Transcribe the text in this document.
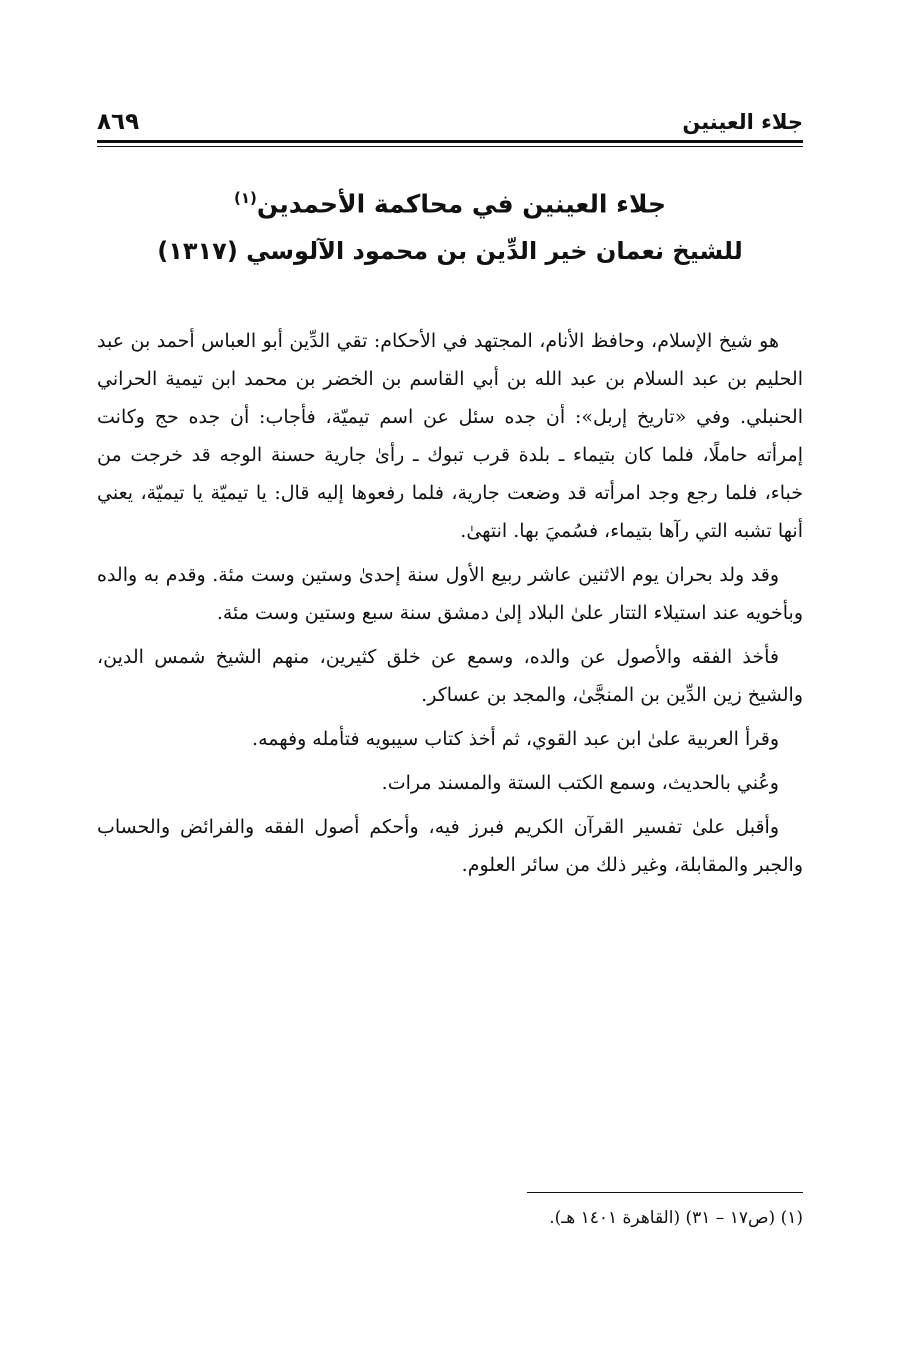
جلاء العينين
٨٦٩
جلاء العينين في محاكمة الأحمدين$^{(١)}$
للشيخ نعمان خير الدِّين بن محمود الآلوسي (١٣١٧)

هو شيخ الإسلام، وحافظ الأنام، المجتهد في الأحكام: تقي الدِّين أبو العباس أحمد بن عبد الحليم بن عبد السلام بن عبد الله بن أبي القاسم بن الخضر بن محمد ابن تيمية الحراني الحنبلي. وفي «تاريخ إربل»: أن جده سئل عن اسم تيميّة، فأجاب: أن جده حج وكانت إمرأته حاملًا، فلما كان بتيماء ـ بلدة قرب تبوك ـ رأىٰ جارية حسنة الوجه قد خرجت من خباء، فلما رجع وجد امرأته قد وضعت جارية، فلما رفعوها إليه قال: يا تيميّة يا تيميّة، يعني أنها تشبه التي رآها بتيماء، فسُميَ بها. انتهىٰ.

وقد ولد بحران يوم الاثنين عاشر ربيع الأول سنة إحدىٰ وستين وست مئة. وقدم به والده وبأخويه عند استيلاء التتار علىٰ البلاد إلىٰ دمشق سنة سبع وستين وست مئة.

فأخذ الفقه والأصول عن والده، وسمع عن خلق كثيرين، منهم الشيخ شمس الدين، والشيخ زين الدِّين بن المنجَّىٰ، والمجد بن عساكر.

وقرأ العربية علىٰ ابن عبد القوي، ثم أخذ كتاب سيبويه فتأمله وفهمه.

وعُني بالحديث، وسمع الكتب الستة والمسند مرات.

وأقبل علىٰ تفسير القرآن الكريم فبرز فيه، وأحكم أصول الفقه والفرائض والحساب والجبر والمقابلة، وغير ذلك من سائر العلوم.

(١) (ص١٧ – ٣١) (القاهرة ١٤٠١ هـ).
